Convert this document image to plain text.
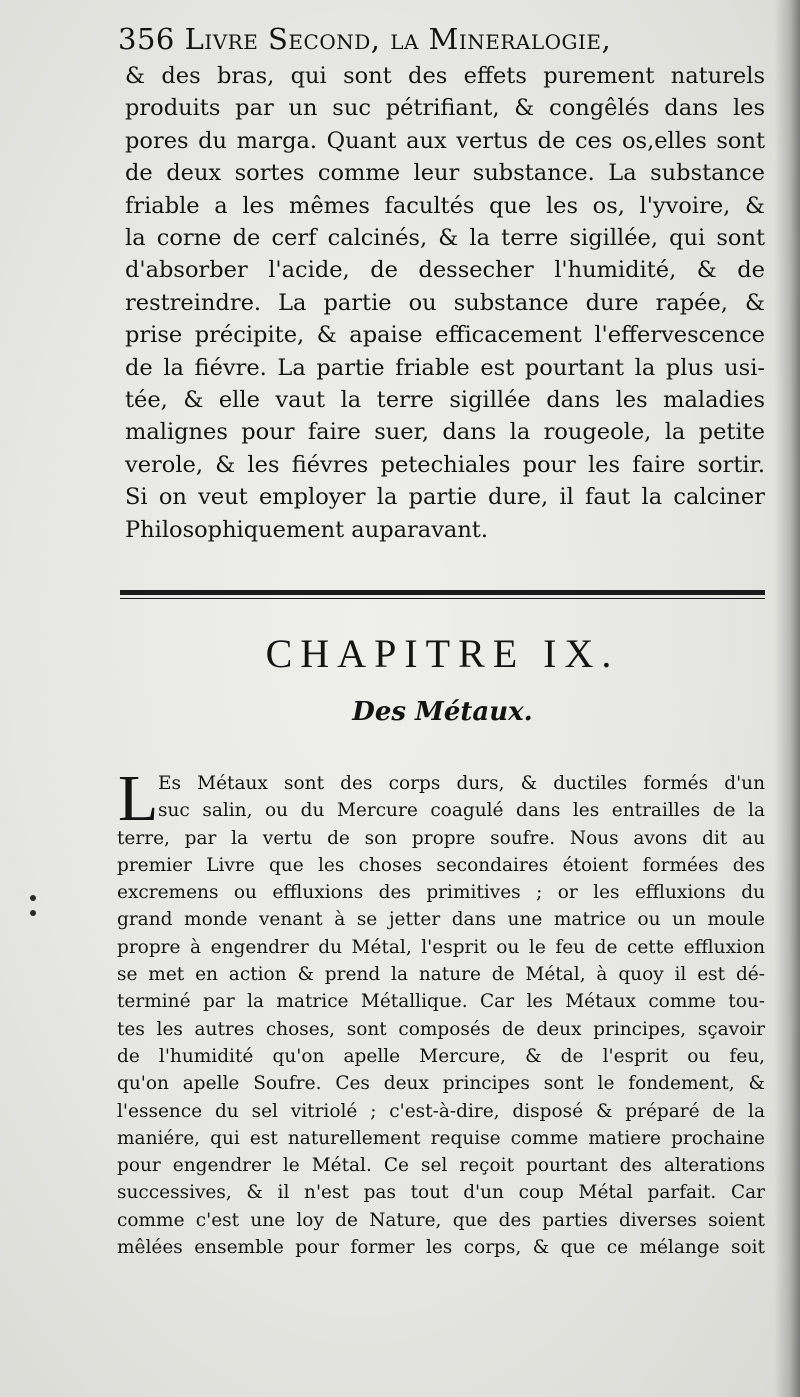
356 Livre Second, la Mineralogie,
& des bras, qui sont des effets purement naturels
produits par un suc pétrifiant, & congêlés dans les
pores du marga. Quant aux vertus de ces os,elles sont
de deux sortes comme leur substance. La substance
friable a les mêmes facultés que les os, l'yvoire, &
la corne de cerf calcinés, & la terre sigillée, qui sont
d'absorber l'acide, de dessecher l'humidité, & de
restreindre. La partie ou substance dure rapée, &
prise précipite, & apaise efficacement l'effervescence
de la fiévre. La partie friable est pourtant la plus usi-
tée, & elle vaut la terre sigillée dans les maladies
malignes pour faire suer, dans la rougeole, la petite
verole, & les fiévres petechiales pour les faire sortir.
Si on veut employer la partie dure, il faut la calciner
Philosophiquement auparavant.
CHAPITRE IX.
Des Métaux.
L Es Métaux sont des corps durs, & ductiles formés d'un
suc salin, ou du Mercure coagulé dans les entrailles de la
terre, par la vertu de son propre soufre. Nous avons dit au
premier Livre que les choses secondaires étoient formées des
excremens ou effluxions des primitives ; or les effluxions du
grand monde venant à se jetter dans une matrice ou un moule
propre à engendrer du Métal, l'esprit ou le feu de cette effluxion
se met en action & prend la nature de Métal, à quoy il est dé-
terminé par la matrice Métallique. Car les Métaux comme tou-
tes les autres choses, sont composés de deux principes, sçavoir
de l'humidité qu'on apelle Mercure, & de l'esprit ou feu,
qu'on apelle Soufre. Ces deux principes sont le fondement, &
l'essence du sel vitriolé ; c'est-à-dire, disposé & préparé de la
maniére, qui est naturellement requise comme matiere prochaine
pour engendrer le Métal. Ce sel reçoit pourtant des alterations
successives, & il n'est pas tout d'un coup Métal parfait. Car
comme c'est une loy de Nature, que des parties diverses soient
mêlées ensemble pour former les corps, & que ce mélange soit
